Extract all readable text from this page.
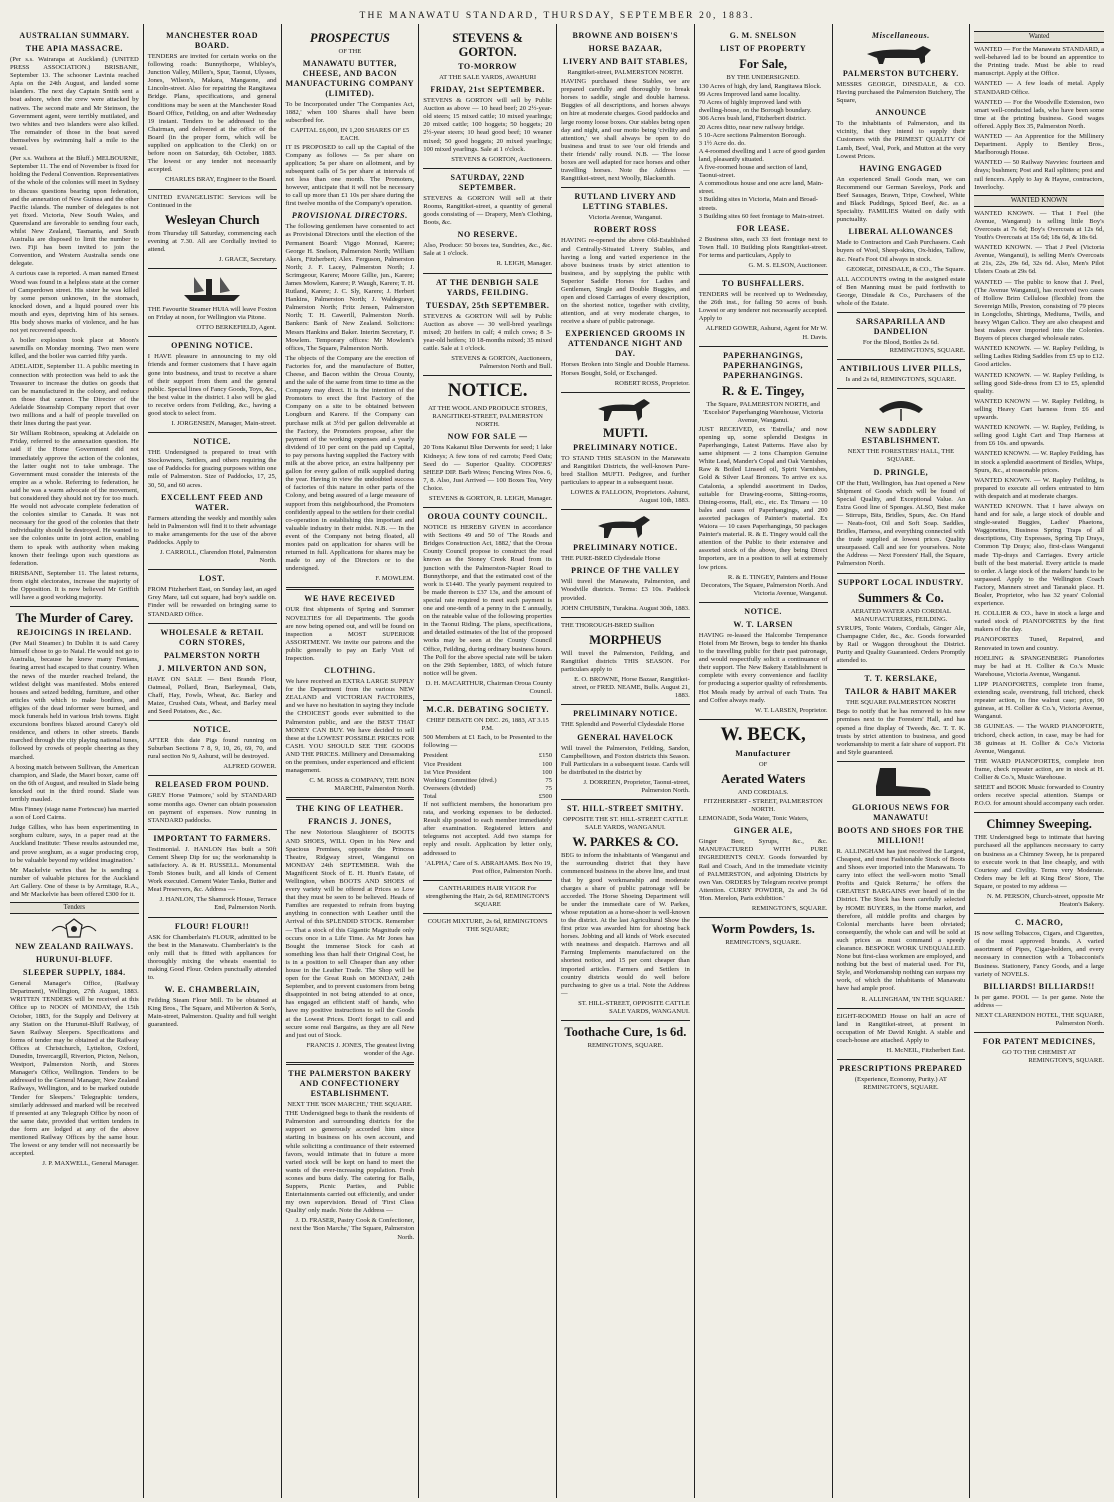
THE MANAWATU STANDARD, THURSDAY, SEPTEMBER 20, 1883.
AUSTRALIAN SUMMARY.
THE APIA MASSACRE.

(Per s.s. Wairarapa at Auckland.) (UNITED PRESS ASSOCIATION.) BRISBANE, September 13. The schooner Lavinia reached Apia on the 24th August, and landed some islanders. The next day Captain Smith sent a boat ashore, when the crew were attacked by natives. The second mate and Mr Steinson, the Government agent, were terribly mutilated, and two whites and two islanders were also killed. The remainder of those in the boat saved themselves by swimming half a mile to the vessel.

(Per s.s. Waihora at the Bluff.) MELBOURNE, September 11. The end of November is fixed for holding the Federal Convention. Representatives of the whole of the colonies will meet in Sydney to discuss questions bearing upon federation, and the annexation of New Guinea and the other Pacific islands. The number of delegates is not yet fixed. Victoria, New South Wales, and Queensland are favorable to sending four each, whilst New Zealand, Tasmania, and South Australia are disposed to limit the number to two. Fiji has been invited to join the Convention, and Western Australia sends one delegate.

A curious case is reported. A man named Ernest Wood was found in a helpless state at the corner of Camperdown street. His sister he was killed by some person unknown, in the stomach, knocked down, and a liquid poured over his mouth and eyes, depriving him of his senses. His body shows marks of violence, and he has not yet recovered speech.

A boiler explosion took place at Moon's sawmills on Monday morning. Two men were killed, and the boiler was carried fifty yards.

ADELAIDE, September 11. A public meeting in connection with protection was held to ask the Treasurer to increase the duties on goods that can be manufactured in the colony, and reduce on those that cannot. The Director of the Adelaide Steamship Company report that over two millions and a half of people travelled on their lines during the past year.

Sir William Robinson, speaking at Adelaide on Friday, referred to the annexation question. He said if the Home Government did not immediately approve the action of the colonies, the latter ought not to take umbrage. The Government must consider the interests of the empire as a whole. Referring to federation, he said he was a warm advocate of the movement, but considered they should not try for too much. He would not advocate complete federation of the colonies similar to Canada. It was not necessary for the good of the colonies that their individuality should be destroyed. He wanted to see the colonies unite in joint action, enabling them to speak with authority when making known their feelings upon such questions as federation.

BRISBANE, September 11. The latest returns, from eight electorates, increase the majority of the Opposition. It is now believed Mr Griffith will have a good working majority.

The Murder of Carey.
REJOICINGS IN IRELAND.

(Per Mail Steamer.) In Dublin it is said Carey himself chose to go to Natal. He would not go to Australia, because he knew many Fenians, fearing arrest had escaped to that country. When the news of the murder reached Ireland, the wildest delight was manifested. Mobs entered houses and seized bedding, furniture, and other articles with which to make bonfires, and effigies of the dead informer were burned, and mock funerals held in various Irish towns. Eight excursions bonfires blazed around Carey's old residence, and others in other streets. Bands marched through the city playing national tunes, followed by crowds of people cheering as they marched.

A boxing match between Sullivan, the American champion, and Slade, the Maori boxer, came off on the 6th of August, and resulted in Slade being knocked out in the third round. Slade was terribly mauled.

Miss Finney (stage name Fortescue) has married a son of Lord Cairns.

Judge Gillies, who has been experimenting in sorghum culture, says, in a paper read at the Auckland Institute: 'These results astounded me, and prove sorghum, as a sugar producing crop, to be valuable beyond my wildest imagination.'

Mr Mackelvie writes that he is sending a number of valuable pictures for the Auckland Art Gallery. One of these is by Armitage, R.A., and Mr Mackelvie has been offered £300 for it.

Tenders
NEW ZEALAND RAILWAYS.
HURUNUI-BLUFF.
SLEEPER SUPPLY, 1884.

General Manager's Office, (Railway Department), Wellington, 27th August, 1883. WRITTEN TENDERS will be received at this Office up to NOON of MONDAY, the 15th October, 1883, for the Supply and Delivery at any Station on the Hurunui-Bluff Railway, of Sawn Railway Sleepers. Specifications and forms of tender may be obtained at the Railway Offices at Christchurch, Lyttelton, Oxford, Dunedin, Invercargill, Riverton, Picton, Nelson, Westport, Palmerston North, and Stores Manager's Office, Wellington. Tenders to be addressed to the General Manager, New Zealand Railways, Wellington, and to be marked outside 'Tender for Sleepers.' Telegraphic tenders, similarly addressed and marked will be received if presented at any Telegraph Office by noon of the same date, provided that written tenders in due form are lodged at any of the above mentioned Railway Offices by the same hour. The lowest or any tender will not necessarily be accepted.

J. P. MAXWELL, General Manager.
MANCHESTER ROAD BOARD.

TENDERS are invited for certain works on the following roads: Bunnythorpe, Whibley's, Junction Valley, Millen's, Spur, Taonui, Ulysses, Jones, Wilson's, Makara, Mangaone, and Lincoln-street. Also for repairing the Rangitawa Bridge. Plans, specifications, and general conditions may be seen at the Manchester Road Board Office, Feilding, on and after Wednesday 19 instant. Tenders to be addressed to the Chairman, and delivered at the office of the Board (in the proper form, which will be supplied on application to the Clerk) on or before noon on Saturday, 6th October, 1883. The lowest or any tender not necessarily accepted.

CHARLES BRAY, Engineer to the Board.

UNITED EVANGELISTIC Services will be Continued in the

Wesleyan Church

from Thursday till Saturday, commencing each evening at 7.30. All are Cordially invited to attend.

J. GRACE, Secretary.

THE Favourite Steamer HUIA will leave Foxton on Friday at noon, for Wellington via Pitone.

OTTO BERKEFIELD, Agent.
OPENING NOTICE.

I HAVE pleasure in announcing to my old friends and former customers that I have again gone into business, and trust to receive a share of their support from them and the general public. Special lines of Fancy Goods, Toys, &c., the best value in the district. I also will be glad to receive orders from Feilding, &c., having a good stock to select from.

I. JORGENSEN, Manager, Main-street.
NOTICE.

THE Undersigned is prepared to treat with Stockowners, Settlers, and others requiring the use of Paddocks for grazing purposes within one mile of Palmerston. Size of Paddocks, 17, 25, 30, 50, and 60 acres.

EXCELLENT FEED AND WATER.

Farmers attending the weekly and monthly sales held in Palmerston will find it to their advantage to make arrangements for the use of the above Paddocks. Apply to

J. CARROLL, Clarendon Hotel, Palmerston North.
LOST.

FROM Fitzherbert East, on Sunday last, an aged Grey Mare, tail cut square, had boy's saddle on. Finder will be rewarded on bringing same to STANDARD Office.

WHOLESALE & RETAIL CORN STORES,
PALMERSTON NORTH
J. MILVERTON AND SON,

HAVE ON SALE — Best Brands Flour, Oatmeal, Pollard, Bran, Barleymeal, Oats, Chaff, Hay, Fowls, Wheat, &c. Barley and Maize, Crushed Oats, Wheat, and Barley meal and Seed Potatoes, &c., &c.

NOTICE.

AFTER this date Pigs found running on Suburban Sections 7 8, 9, 10, 26, 69, 70, and rural section No 9, Ashurst, will be destroyed.

ALFRED GOWER.
RELEASED FROM POUND.

GREY Horse 'Patmore,' sold by STANDARD some months ago. Owner can obtain possession on payment of expenses. Now running in STANDARD paddocks.

IMPORTANT TO FARMERS.

Testimonial. J. HANLON Has built a 50ft Cement Sheep Dip for us; the workmanship is satisfactory. A. & H. RUSSELL. Monumental Tomb Stones built, and all kinds of Cement Work executed. Cement Water Tanks, Butter and Meat Preservers, &c. Address —

J. HANLON, The Shamrock House, Terrace End, Palmerston North.
FLOUR! FLOUR!!

ASK for Chamberlain's FLOUR, admitted to be the best in the Manawatu. Chamberlain's is the only mill that is fitted with appliances for thoroughly mixing the wheats essential to making Good Flour. Orders punctually attended to.

W. E. CHAMBERLAIN,

Feilding Steam Flour Mill. To be obtained at King Bros., The Square, and Milverton & Son's, Main-street, Palmerston. Quality and full weight guaranteed.

PROSPECTUS
OF THE
MANAWATU BUTTER, CHEESE, AND BACON MANUFACTURING COMPANY (LIMITED).

To be Incorporated under 'The Companies Act, 1882,' when 100 Shares shall have been subscribed for.

CAPITAL £6,000, IN 1,200 SHARES OF £5 EACH.

IT IS PROPOSED to call up the Capital of the Company as follows — 5s per share on application; 5s per share on allotment, and by subsequent calls of 5s per share at intervals of not less than one month. The Promoters, however, anticipate that it will not be necessary to call up more than £1 10s per share during the first twelve months of the Company's operation.

PROVISIONAL DIRECTORS.

The following gentlemen have consented to act as Provisional Directors until the election of the Permanent Board: Viggo Monrad, Karere; George H. Snelson, Palmerston North; William Akers, Fitzherbert; Alex. Ferguson, Palmerston North; J. F. Lacey, Palmerston North; J. Scrimgeour, Karere; Moore Gillie, jun., Karere; James Mowlem, Karere; P. Waugh, Karere; T. H. Rutland, Karere; J. C. Sly, Karere; J. Herbert Hankins, Palmerston North; J. Waldegrave, Palmerston North; Fritz Jensen, Palmerston North; T. H. Cawerill, Palmerston North. Bankers: Bank of New Zealand. Solicitors: Messrs Hankins and Baker. Interim Secretary, F. Mowlem. Temporary offices: Mr Mowlem's offices, The Square, Palmerston North.

The objects of the Company are the erection of Factories for, and the manufacture of Butter, Cheese, and Bacon within the Oroua County, and the sale of the same from time to time as the Company may direct. It is the intention of the Promoters to erect the first Factory of the Company on a site to be obtained between Longburn and Karere. If the Company can purchase milk at 3½d per gallon deliverable at the Factory, the Promoters propose, after the payment of the working expenses and a yearly dividend of 10 per cent on the paid up Capital, to pay persons having supplied the Factory with milk at the above price, an extra halfpenny per gallon for every gallon of milk supplied during the year. Having in view the undoubted success of factories of this nature in other parts of the Colony, and being assured of a large measure of support from this neighbourhood, the Promoters confidently appeal to the settlers for their cordial co-operation in establishing this important and valuable industry in their midst. N.B. — In the event of the Company not being floated, all monies paid on application for shares will be returned in full. Applications for shares may be made to any of the Directors or to the undersigned.

F. MOWLEM.
WE HAVE RECEIVED

OUR first shipments of Spring and Summer NOVELTIES for all Departments. The goods are now being opened out, and will be found on inspection a MOST SUPERIOR ASSORTMENT. We invite our patrons and the public generally to pay an Early Visit of Inspection.

CLOTHING.

We have received an EXTRA LARGE SUPPLY for the Department from the various NEW ZEALAND and VICTORIAN FACTORIES, and we have no hesitation in saying they include the CHOICEST goods ever submitted to the Palmerston public, and are the BEST THAT MONEY CAN BUY. We have decided to sell these at the LOWEST POSSIBLE PRICES FOR CASH. YOU SHOULD SEE THE GOODS AND THE PRICES. Millinery and Dressmaking on the premises, under experienced and efficient management.

C. M. ROSS & COMPANY, THE BON MARCHE, Palmerston North.
THE KING OF LEATHER.
FRANCIS J. JONES,

The new Notorious Slaughterer of BOOTS AND SHOES, WILL Open in his New and Spacious Premises, opposite the Princess Theatre, Ridgway street, Wanganui on MONDAY 24th SEPTEMBER. With the Magnificent Stock of E. H. Hunt's Estate, of Wellington, when BOOTS AND SHOES of every variety will be offered at Prices so Low that they must be seen to be believed. Heads of Families are requested to refrain from buying anything in connection with Leather until the Arrival of this SPLENDID STOCK. Remember — That a stock of this Gigantic Magnitude only occurs once in a Life Time. As Mr Jones has Bought the immense Stock for cash at something less than half their Original Cost, he is in a position to sell Cheaper than any other house in the Leather Trade. The Shop will be open for the Great Rush on MONDAY, 24th September, and to prevent customers from being disappointed in not being attended to at once, has engaged an efficient staff of hands, who have my positive instructions to sell the Goods at the Lowest Prices. Don't forget to call and secure some real Bargains, as they are all New and just out of Stock.

FRANCIS J. JONES, The greatest living wonder of the Age.
THE PALMERSTON BAKERY AND CONFECTIONERY ESTABLISHMENT.
NEXT THE 'BON MARCHE,' THE SQUARE.

THE Undersigned begs to thank the residents of Palmerston and surrounding districts for the support so generously accorded him since starting in business on his own account, and while soliciting a continuance of their esteemed favors, would intimate that in future a more varied stock will be kept on hand to meet the wants of the ever-increasing population. Fresh scones and buns daily. The catering for Balls, Suppers, Picnic Parties, and Public Entertainments carried out efficiently, and under my own supervision. Bread of 'First Class Quality' only made. Note the Address —

J. D. FRASER, Pastry Cook & Confectioner, next the 'Bon Marche,' The Square, Palmerston North.
STEVENS & GORTON.
TO-MORROW
AT THE SALE YARDS, AWAHURI
FRIDAY, 21st SEPTEMBER.

STEVENS & GORTON will sell by Public Auction as above — 10 head beef; 20 2½-year-old steers; 15 mixed cattle; 10 mixed yearlings; 20 mixed cattle; 100 hoggets; 50 hoggets; 20 2½-year steers; 10 head good beef; 10 weaner mixed; 50 good hoggets; 20 mixed yearlings; 100 mixed yearlings. Sale at 1 o'clock.

STEVENS & GORTON, Auctioneers.
SATURDAY, 22ND SEPTEMBER.

STEVENS & GORTON Will sell at their Rooms, Rangitikei-street, a quantity of general goods consisting of — Drapery, Men's Clothing, Boots, &c.

NO RESERVE.

Also, Produce: 50 boxes tea, Sundries, &c., &c. Sale at 1 o'clock.

R. LEIGH, Manager.
AT THE DENBIGH SALE YARDS, FEILDING.
TUESDAY, 25th SEPTEMBER.

STEVENS & GORTON Will sell by Public Auction as above — 30 well-bred yearlings mixed; 20 heifers in calf; 4 milch cows; 8 3-year-old heifers; 10 18-months mixed; 35 mixed cattle. Sale at 1 o'clock.

STEVENS & GORTON, Auctioneers, Palmerston North and Bull.
NOTICE.
AT THE WOOL AND PRODUCE STORES, RANGITIKEI-STREET, PALMERSTON NORTH.
NOW FOR SALE —

20 Tons Kakanui Blue Derwents for seed; 1 lake Kidneys; A few tons of red carrots; Feed Oats; Seed do — Superior Quality. COOPERS' SHEEP DIP. Barb Wires; Fencing Wires Nos. 6, 7, 8. Also, Just Arrived — 100 Boxes Tea, Very Choice.

STEVENS & GORTON, R. LEIGH, Manager.
OROUA COUNTY COUNCIL.

NOTICE IS HEREBY GIVEN in accordance with Sections 49 and 50 of 'The Roads and Bridges Construction Act, 1882,' that the Oroua County Council propose to construct the road known as the Stoney Creek Road from its junction with the Palmerston-Napier Road to Bunnythorpe, and that the estimated cost of the work is £1440. The yearly payment required to be made thereon is £37 13s, and the amount of special rate required to meet such payment is one and one-tenth of a penny in the £ annually, on the rateable value of the following properties in the Taonui Riding. The plans, specifications, and detailed estimates of the list of the proposed works may be seen at the County Council Office, Feilding, during ordinary business hours. The Poll for the above special rate will be taken on the 29th September, 1883, of which future notice will be given.

D. H. MACARTHUR, Chairman Oroua County Council.
M.C.R. DEBATING SOCIETY.
CHIEF DEBATE ON DEC. 26, 1883, AT 3.15 P.M.

500 Members at £1 Each, to be Presented to the following —

President	£150
Vice President	100
1st Vice President	100
Working Committee (divd.)	75
Overseers (divided)	75
Total	£500

If not sufficient members, the honorarium pro rata, and working expenses to be deducted. Result slip posted to each member immediately after examination. Registered letters and telegrams not accepted. Add two stamps for reply and result. Application by letter only, addressed to

'ALPHA,' Care of S. ABRAHAMS. Box No 19, Post office, Palmerston North.
CANTHARIDES HAIR VIGOR For strengthening the Hair, 2s 6d, REMINGTON'S SQUARE
COUGH MIXTURE, 2s 6d, REMINGTON'S THE SQUARE;
BROWNE AND BOISEN'S
HORSE BAZAAR,
LIVERY AND BAIT STABLES,
Rangitikei-street, PALMERSTON NORTH.

HAVING purchased these Stables, we are prepared carefully and thoroughly to break horses to saddle, single and double harness. Buggies of all descriptions, and horses always on hire at moderate charges. Good paddocks and large roomy loose boxes. Our stables being open day and night, and our motto being 'civility and attention,' we shall always be open to do business and trust to see 'our old friends and their friends' rally round. N.B. — The loose boxes are well adapted for race horses and other travelling horses. Note the Address — Rangitikei-street, next Woolly, Blacksmith.

RUTLAND LIVERY AND LETTING STABLES.
Victoria Avenue, Wanganui.
ROBERT ROSS

HAVING re-opened the above Old-Established and Centrally-Situated Livery Stables, and having a long and varied experience in the above business trusts by strict attention to business, and by supplying the public with Superior Saddle Horses for Ladies and Gentlemen, Single and Double Buggies, and open and closed Carriages of every description, on the shortest notice, together with civility, attention, and at very moderate charges, to receive a share of public patronage.

EXPERIENCED GROOMS IN ATTENDANCE NIGHT AND DAY.

Horses Broken into Single and Double Harness. Horses Bought, Sold, or Exchanged.

ROBERT ROSS, Proprietor.
MUFTI.
PRELIMINARY NOTICE.

TO STAND THIS SEASON in the Manawatu and Rangitikei Districts, the well-known Pure-bred Stallion MUFTI. Pedigree, and further particulars to appear in a subsequent issue.

LOWES & FALLOON, Proprietors. Ashurst, August 10th, 1883.
PRELIMINARY NOTICE.

THE PURE-BRED Clydesdale Horse

PRINCE OF THE VALLEY

Will travel the Manawatu, Palmerston, and Woodville districts. Terms: £3 10s. Paddock provided.

JOHN CHUBBIN, Turakina. August 30th, 1883.

THE THOROUGH-BRED Stallion

MORPHEUS

Will travel the Palmerston, Feilding, and Rangitikei districts THIS SEASON. For particulars apply to

E. O. BROWNE, Horse Bazaar, Rangitikei-street, or FRED. NEAME, Bulls. August 21, 1883.
PRELIMINARY NOTICE.

THE Splendid and Powerful Clydesdale Horse

GENERAL HAVELOCK

Will travel the Palmerston, Feilding, Sandon, Campbelltown, and Foxton districts this Season. Full Particulars in a subsequent issue. Cards will be distributed in the district by

J. DORREEN, Proprietor, Taonui-street, Palmerston North.
ST. HILL-STREET SMITHY.
OPPOSITE THE ST. HILL-STREET CATTLE SALE YARDS, WANGANUI.
W. PARKES & CO.

BEG to inform the inhabitants of Wanganui and the surrounding district that they have commenced business in the above line, and trust that by good workmanship and moderate charges a share of public patronage will be accorded. The Horse Shoeing Department will be under the immediate care of W. Parkes, whose reputation as a horse-shoer is well-known to the district. At the last Agricultural Show the first prize was awarded him for shoeing back horses. Jobbing and all kinds of Work executed with neatness and despatch. Harrows and all Farming Implements manufactured on the shortest notice, and 15 per cent cheaper than imported articles. Farmers and Settlers in country districts would do well before purchasing to give us a trial. Note the Address —

ST. HILL-STREET, OPPOSITE CATTLE SALE YARDS, WANGANUI.
Toothache Cure, 1s 6d.
REMINGTON'S, SQUARE.
G. M. SNELSON
LIST OF PROPERTY
For Sale,
BY THE UNDERSIGNED.
130 Acres of high, dry land, Rangitawa Block.
99 Acres Improved land same locality.
70 Acres of highly improved land with dwelling-house, on the Borough boundary.
306 Acres bush land, Fitzherbert district.
20 Acres ditto, near new railway bridge.
5 10-Acre sections Palmerston Borough.
3 1½ Acre do. do.
A 4-roomed dwelling and 1 acre of good garden land, pleasantly situated.
A five-roomed house and section of land, Taonui-street.
A commodious house and one acre land, Main-street.
3 Building sites in Victoria, Main and Broad-streets.
3 Building sites 60 feet frontage to Main-street.
FOR LEASE.

2 Business sites, each 33 feet frontage next to Town Hall. 10 Building plots Rangitikei-street. For terms and particulars, Apply to

G. M. S. ELSON, Auctioneer.
TO BUSHFALLERS.

TENDERS will be received up to Wednesday, the 26th inst., for falling 50 acres of bush. Lowest or any tenderer not necessarily accepted. Apply to

ALFRED GOWER, Ashurst, Agent for Mr W. H. Davis.
PAPERHANGINGS, PAPERHANGINGS, PAPERHANGINGS.
R. & E. Tingey,
The Square, PALMERSTON NORTH, and 'Excelsior' Paperhanging Warehouse, Victoria Avenue, Wanganui.

JUST RECEIVED, ex 'Estrella,' and now opening up, some splendid Designs in Paperhangings, Latest Patterns. Have also by same shipment — 2 tons Champion Genuine White Lead, Mander's Copal and Oak Varnishes, Raw & Boiled Linseed oil, Spirit Varnishes, Gold & Silver Leaf Bronzes. To arrive ex s.s. Catalonia, a splendid assortment in Dados, suitable for Drawing-rooms, Sitting-rooms, Dining-rooms, Hall, etc., etc. Ex Timaru — 10 bales and cases of Paperhangings, and 200 assorted packages of Painter's material. Ex Waiora — 10 cases Paperhangings, 50 packages Painter's material. R. & E. Tingey would call the attention of the Public to their extensive and assorted stock of the above, they being Direct Importers, are in a position to sell at extremely low prices.

R. & E. TINGEY, Painters and House Decorators, The Square, Palmerston North. And Victoria Avenue, Wanganui.
NOTICE.
W. T. LARSEN

HAVING re-leased the Halcombe Temperance Hotel from Mr Brown, begs to tender his thanks to the travelling public for their past patronage, and would respectfully solicit a continuance of their support. The New Bakery Establishment is complete with every convenience and facility for producing a superior quality of refreshments. Hot Meals ready by arrival of each Train. Tea and Coffee always ready.

W. T. LARSEN, Proprietor.
W. BECK,
Manufacturer
OF
Aerated Waters
AND CORDIALS.
FITZHERBERT - STREET, PALMERSTON NORTH.

LEMONADE, Soda Water, Tonic Waters,

GINGER ALE,

Ginger Beer, Syrups, &c., &c. MANUFACTURED WITH PURE INGREDIENTS ONLY. Goods forwarded by Rail and Coach, And in the immediate vicinity of PALMERSTON, and adjoining Districts by own Van. ORDERS by Telegram receive prompt Attention. CURRY POWDER, 2s and 3s 6d 'Hon. Merelon, Paris exhibition.'

REMINGTON'S, SQUARE.
Worm Powders, 1s.
REMINGTON'S, SQUARE.
Miscellaneous.
PALMERSTON BUTCHERY.

MESSRS GEORGE, DINSDALE, & CO. Having purchased the Palmerston Butchery, The Square,

ANNOUNCE

To the inhabitants of Palmerston, and its vicinity, that they intend to supply their Customers with the PRIMEST QUALITY Of Lamb, Beef, Veal, Pork, and Mutton at the very Lowest Prices.

HAVING ENGAGED

An experienced Small Goods man, we can Recommend our German Saveloys, Pork and Beef Sausages, Brawn, Tripe, Cowheel, White and Black Puddings, Spiced Beef, &c. as a Speciality. FAMILIES Waited on daily with punctuality.

LIBERAL ALLOWANCES

Made to Contractors and Cash Purchasers. Cash buyers of Wool, Sheep-skins, Ox-hides, Tallow, &c. Neat's Foot Oil always in stock.

GEORGE, DINSDALE, & CO., The Square.

ALL ACCOUNTS owing in the assigned estate of Ben Manning must be paid forthwith to George, Dinsdale & Co., Purchasers of the whole of the Estate.

SARSAPARILLA AND DANDELION
For the Blood, Bottles 2s 6d.
REMINGTON'S, SQUARE.
ANTIBILIOUS LIVER PILLS,
Is and 2s 6d, REMINGTON'S, SQUARE.
NEW SADDLERY ESTABLISHMENT.
NEXT THE FORESTERS' HALL, THE SQUARE.
D. PRINGLE,

OF the Hutt, Wellington, has Just opened a New Shipment of Goods which will be found of Special Quality, and Exceptional Value. An Extra Good line of Sponges. ALSO, Best make — Stirrups, Bits, Bridles, Spurs, &c. On Hand — Neats-foot, Oil and Soft Soap. Saddles, Bridles, Harness, and everything connected with the trade supplied at lowest prices. Quality unsurpassed. Call and see for yourselves. Note the Address — Next Foresters' Hall, the Square, Palmerston North.

SUPPORT LOCAL INDUSTRY.
Summers & Co.
AERATED WATER AND CORDIAL MANUFACTURERS, FEILDING.

SYRUPS, Tonic Waters, Cordials, Ginger Ale, Champagne Cider, &c., &c. Goods forwarded by Rail or Waggon throughout the District. Purity and Quality Guaranteed. Orders Promptly attended to.

T. T. KERSLAKE,
TAILOR & HABIT MAKER
THE SQUARE PALMERSTON NORTH

Begs to notify that he has removed to his new premises next to the Foresters' Hall, and has opened a fine display of Tweeds, &c. T. T. K. trusts by strict attention to business, and good workmanship to merit a fair share of support. Fit and Style guaranteed.

GLORIOUS NEWS FOR MANAWATU!
BOOTS AND SHOES FOR THE MILLION!!

R. ALLINGHAM has just received the Largest, Cheapest, and most Fashionable Stock of Boots and Shoes ever imported into the Manawatu. To carry into effect the well-worn motto 'Small Profits and Quick Returns,' he offers the GREATEST BARGAINS ever heard of in the District. The Stock has been carefully selected by HOME BUYERS, in the Home market, and therefore, all middle profits and charges by Colonial merchants have been obviated; consequently, the whole can and will be sold at such prices as must command a speedy clearance. BESPOKE WORK UNEQUALLED. None but first-class workmen are employed, and nothing but the best of material used. For Fit, Style, and Workmanship nothing can surpass my work, of which the inhabitants of Manawatu have had ample proof.

R. ALLINGHAM, 'IN THE SQUARE.'

EIGHT-ROOMED House on half an acre of land in Rangitikei-street, at present in occupation of Mr David Knight. A stable and coach-house are attached. Apply to

H. McNEIL, Fitzherbert East.
PRESCRIPTIONS PREPARED
(Experience, Economy, Purity.) AT REMINGTON'S, SQUARE.
Wanted

WANTED — For the Manawatu STANDARD, a well-behaved lad to be bound an apprentice to the Printing trade. Must be able to read manuscript. Apply at the Office.

WANTED — A few loads of metal. Apply STANDARD Office.

WANTED — For the Woodville Extension, two smart well-conducted lads, who have been some time at the printing business. Good wages offered. Apply Box 35, Palmerston North.

WANTED — An Apprentice for the Millinery Department. Apply to Bentley Bros., Marlborough House.

WANTED — 50 Railway Navvies: fourteen and drays; bushmen; Post and Rail splitters; post and rail fencers. Apply to Jay & Hayne, contractors, Inverlochy.

WANTED KNOWN

WANTED KNOWN. — That I Feel (the Avenue, Wanganui) is selling little Boy's Overcoats at 7s 6d; Boy's Overcoats at 12s 6d, Youth's Overcoats at 15s 6d; 18s 6d, & 18s 6d.

WANTED KNOWN. — That J Peel (Victoria Avenue, Wanganui), is selling Men's Overcoats at 21s, 22s, 29s 6d, 32s 6d. Also, Men's Pilot Ulsters Coats at 29s 6d.

WANTED — The public to know that J. Peel, (The Avenue Wanganui), has received two cases of Hollow Brim Cellulose (flexible) from the Sovereign Mills, Preston, consisting of 79 pieces in Longcloths, Shirtings, Mediums, Twills, and heavy Wigan Calico. They are also cheapest and best makes ever imported into the Colonies. Buyers of pieces charged wholesale rates.

WANTED KNOWN. — W. Rapley Feilding, is selling Ladies Riding Saddles from £5 up to £12. Good articles.

WANTED KNOWN. — W. Rapley Feilding, is selling good Side-dress from £3 to £5, splendid quality.

WANTED KNOWN — W. Rapley Feilding, is selling Heavy Cart harness from £6 and upwards.

WANTED KNOWN. — W. Rapley, Feilding, is selling good Light Cart and Trap Harness at from £6 10s. and upwards.

WANTED KNOWN. — W. Rapley Feilding, has in stock a splendid assortment of Bridles, Whips, Spurs, &c., at reasonable prices.

WANTED KNOWN. — W. Rapley Feilding, is prepared to execute all orders entrusted to him with despatch and at moderate charges.

WANTED KNOWN. That I have always on hand and for sale, a large stock of double and single-seated Buggies, Ladies' Phaetons, Waggonettes, Business Spring Traps of all descriptions, City Expresses, Spring Tip Drays, Common Tip Drays; also, first-class Wanganui made Tip-drays and Carriages. Every article built of the best material. Every article is made to order. A large stock of the makers' hands to be surpassed. Apply to the Wellington Coach Factory, Manners street and Taranaki place. H. Boaler, Proprietor, who has 32 years' Colonial experience.

H. COLLIER & CO., have in stock a large and varied stock of PIANOFORTES by the first makers of the day.

PIANOFORTES Tuned, Repaired, and Renovated in town and country.

HOELING & SPANGENBERG Pianofortes may be had at H. Collier & Co.'s Music Warehouse, Victoria Avenue, Wanganui.

LIPP PIANOFORTES, complete iron frame, extending scale, overstrung, full trichord, check repeater action, in fine walnut case; price, 90 guineas, at H. Collier & Co.'s, Victoria Avenue, Wanganui.

38 GUINEAS. — The WARD PIANOFORTE, trichord, check action, in case, may be had for 38 guineas at H. Collier & Co.'s Victoria Avenue, Wanganui.

THE WARD PIANOFORTES, complete iron frame, check repeater action, are in stock at H. Collier & Co.'s, Music Warehouse.

SHEET and BOOK Music forwarded to Country orders receive special attention. Stamps or P.O.O. for amount should accompany each order.

Chimney Sweeping.

THE Undersigned begs to intimate that having purchased all the appliances necessary to carry on business as a Chimney Sweep, he is prepared to execute work in that line cheaply, and with Courtesy and Civility. Terms very Moderate. Orders may be left at King Bros' Store, The Square, or posted to my address —

N. M. PERSON, Church-street, opposite Mr Heaton's Bakery.
C. MACRO,

IS now selling Tobaccos, Cigars, and Cigarettes, of the most approved brands. A varied assortment of Pipes, Cigar-holders, and every necessary in connection with a Tobacconist's Business. Stationery, Fancy Goods, and a large variety of NOVELS.

BILLIARDS! BILLIARDS!!

Is per game. POOL — 1s per game. Note the address —

NEXT CLARENDON HOTEL, THE SQUARE, Palmerston North.
FOR PATENT MEDICINES,
GO TO THE CHEMIST AT
REMINGTON'S, SQUARE.
